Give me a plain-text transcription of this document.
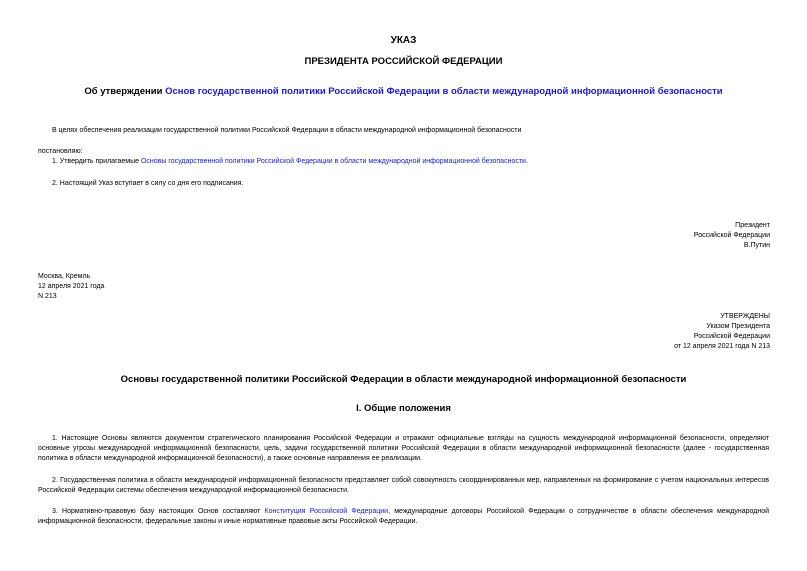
УКАЗ
ПРЕЗИДЕНТА РОССИЙСКОЙ ФЕДЕРАЦИИ
Об утверждении Основ государственной политики Российской Федерации в области международной информационной безопасности
В целях обеспечения реализации государственной политики Российской Федерации в области международной информационной безопасности
постановляю:
1. Утвердить прилагаемые Основы государственной политики Российской Федерации в области международной информационной безопасности.
2. Настоящий Указ вступает в силу со дня его подписания.
Президент
Российской Федерации
В.Путин
Москва, Кремль
12 апреля 2021 года
N 213
УТВЕРЖДЕНЫ
Указом Президента
Российской Федерации
от 12 апреля 2021 года N 213
Основы государственной политики Российской Федерации в области международной информационной безопасности
I. Общие положения
1. Настоящие Основы являются документом стратегического планирования Российской Федерации и отражают официальные взгляды на сущность международной информационной безопасности, определяют основные угрозы международной информационной безопасности, цель, задачи государственной политики Российской Федерации в области международной информационной безопасности (далее - государственная политика в области международной информационной безопасности), а также основные направления ее реализации.
2. Государственная политика в области международной информационной безопасности представляет собой совокупность скоординированных мер, направленных на формирование с учетом национальных интересов Российской Федерации системы обеспечения международной информационной безопасности.
3. Нормативно-правовую базу настоящих Основ составляют Конституция Российской Федерации, международные договоры Российской Федерации о сотрудничестве в области обеспечения международной информационной безопасности, федеральные законы и иные нормативные правовые акты Российской Федерации.
